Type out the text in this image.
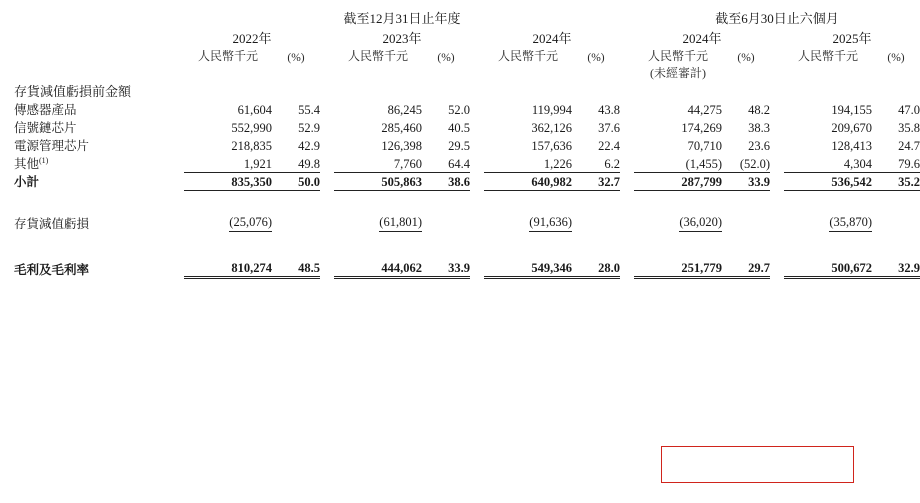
	截至12月31日止年度									截至6月30日止六個月				

	2022年			2023年			2024年			2024年			2025年	

	人民幣千元	(%)		人民幣千元	(%)		人民幣千元	(%)		人民幣千元	(%)		人民幣千元	(%)
										(未經審計)				
存貨減值虧損前金額														
傳感器產品	61,604	55.4		86,245	52.0		119,994	43.8		44,275	48.2		194,155	47.0
信號鏈芯片	552,990	52.9		285,460	40.5		362,126	37.6		174,269	38.3		209,670	35.8
電源管理芯片	218,835	42.9		126,398	29.5		157,636	22.4		70,710	23.6		128,413	24.7
其他$^{(1)}$	1,921	49.8		7,760	64.4		1,226	6.2		(1,455)	(52.0)		4,304	79.6
小計	835,350	50.0		505,863	38.6		640,982	32.7		287,799	33.9		536,542	35.2

存貨減值虧損	(25,076)			(61,801)			(91,636)			(36,020)			(35,870)	

毛利及毛利率	810,274	48.5		444,062	33.9		549,346	28.0		251,779	29.7		500,672	32.9
